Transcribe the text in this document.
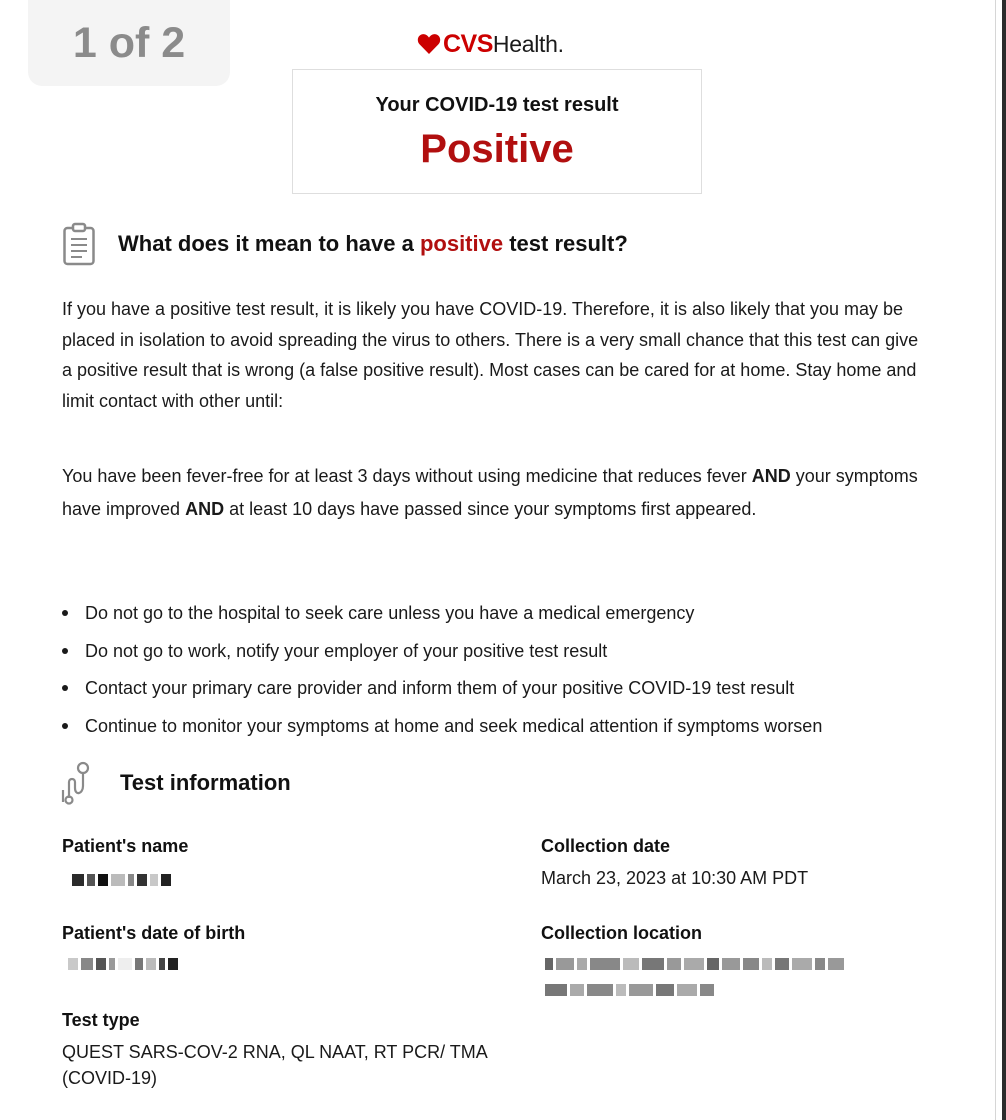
1 of 2	CVS Health .
Your COVID-19 test result
Positive
What does it mean to have a positive test result?
If you have a positive test result, it is likely you have COVID-19. Therefore, it is also likely that you may be placed in isolation to avoid spreading the virus to others. There is a very small chance that this test can give a positive result that is wrong (a false positive result). Most cases can be cared for at home. Stay home and limit contact with other until:
You have been fever-free for at least 3 days without using medicine that reduces fever AND your symptoms have improved AND at least 10 days have passed since your symptoms first appeared.
Do not go to the hospital to seek care unless you have a medical emergency
Do not go to work, notify your employer of your positive test result
Contact your primary care provider and inform them of your positive COVID-19 test result
Continue to monitor your symptoms at home and seek medical attention if symptoms worsen
Test information
Patient's name
Patient's date of birth
Test type
QUEST SARS-COV-2 RNA, QL NAAT, RT PCR/ TMA (COVID-19)
Collection date
March 23, 2023 at 10:30 AM PDT
Collection location
